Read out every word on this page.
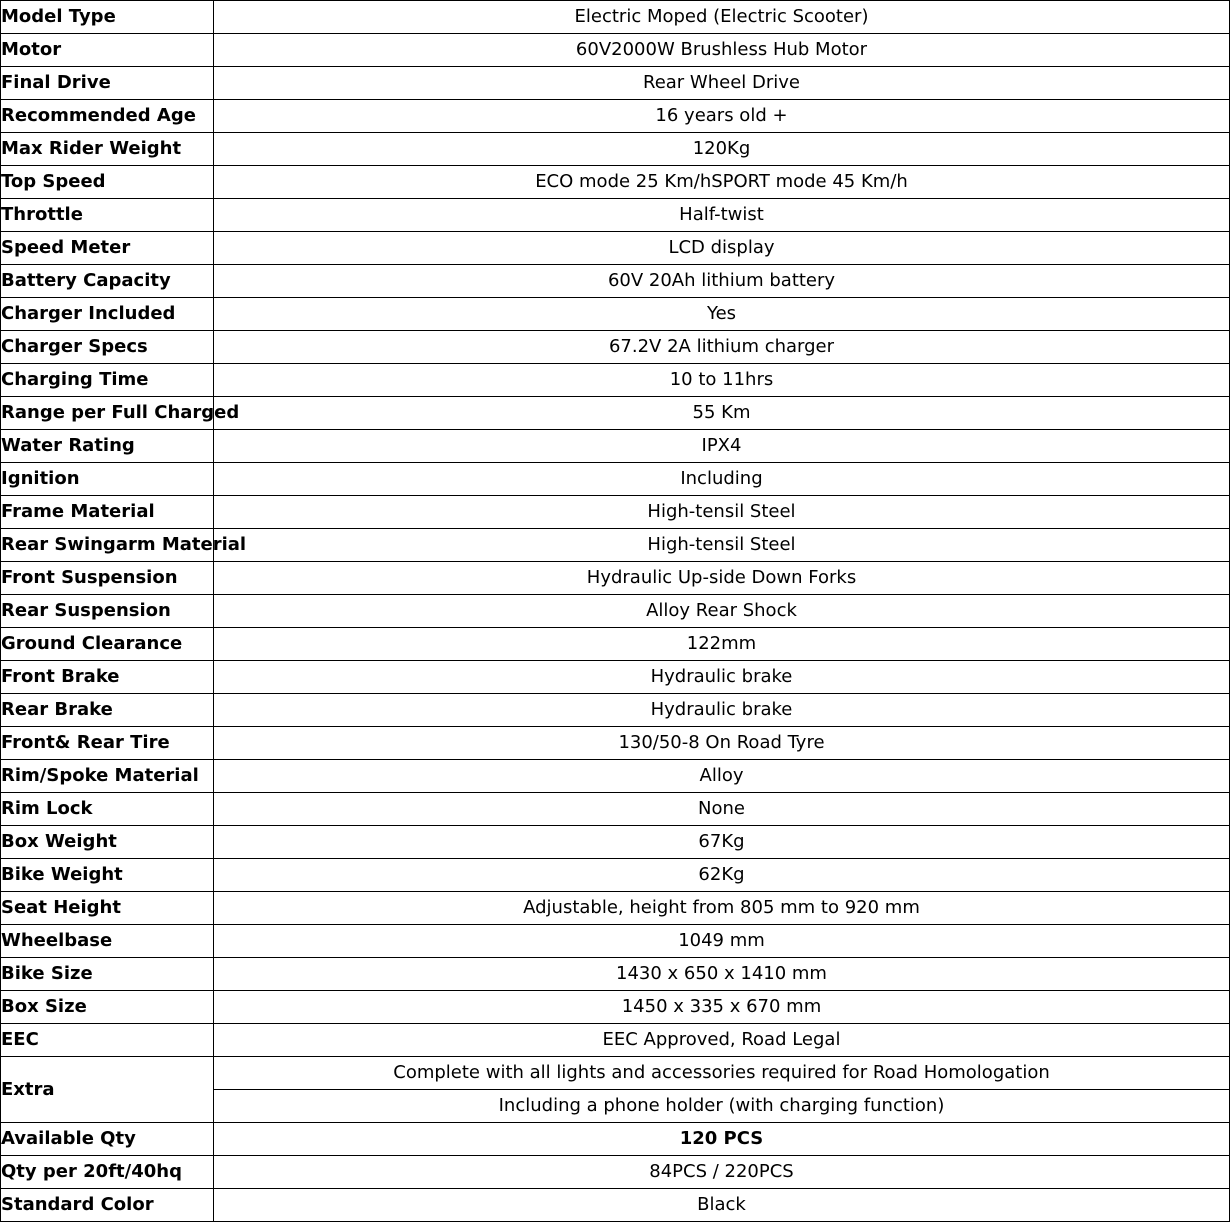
Model Type	Electric Moped (Electric Scooter)
Motor	60V2000W Brushless Hub Motor
Final Drive	Rear Wheel Drive
Recommended Age	16 years old +
Max Rider Weight	120Kg
Top Speed	ECO mode 25 Km/hSPORT mode 45 Km/h
Throttle	Half-twist
Speed Meter	LCD display
Battery Capacity	60V 20Ah lithium battery
Charger Included	Yes
Charger Specs	67.2V 2A lithium charger
Charging Time	10 to 11hrs
Range per Full Charged	55 Km
Water Rating	IPX4
Ignition	Including
Frame Material	High-tensil Steel
Rear Swingarm Material	High-tensil Steel
Front Suspension	Hydraulic Up-side Down Forks
Rear Suspension	Alloy Rear Shock
Ground Clearance	122mm
Front Brake	Hydraulic brake
Rear Brake	Hydraulic brake
Front& Rear Tire	130/50-8 On Road Tyre
Rim/Spoke Material	Alloy
Rim Lock	None
Box Weight	67Kg
Bike Weight	62Kg
Seat Height	Adjustable, height from 805 mm to 920 mm
Wheelbase	1049 mm
Bike Size	1430 x 650 x 1410 mm
Box Size	1450 x 335 x 670 mm
EEC	EEC Approved, Road Legal
Extra	Complete with all lights and accessories required for Road Homologation
	Including a phone holder (with charging function)
Available Qty	120 PCS
Qty per 20ft/40hq	84PCS / 220PCS
Standard Color	Black
